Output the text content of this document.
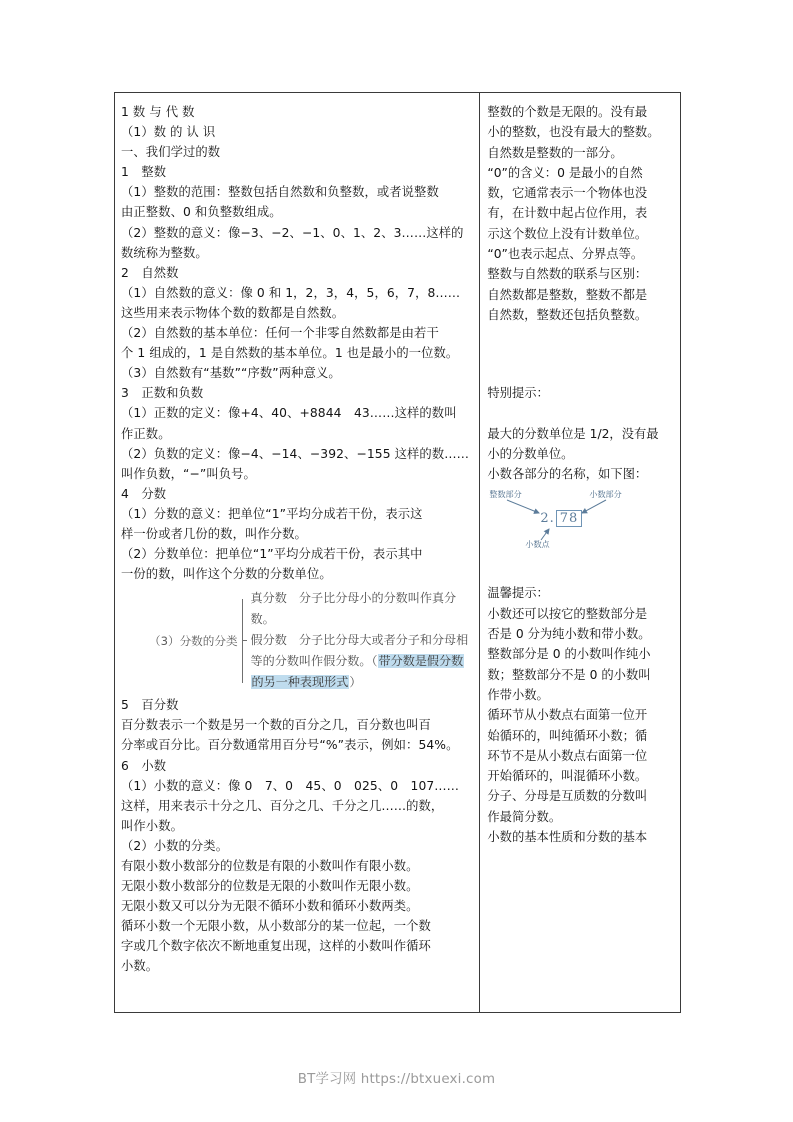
1 数 与 代 数
（1）数 的 认 识
一、我们学过的数
1　整数
（1）整数的范围：整数包括自然数和负整数，或者说整数
由正整数、0 和负整数组成。
（2）整数的意义：像−3、−2、−1、0、1、2、3……这样的
数统称为整数。
2　自然数
（1）自然数的意义：像 0 和 1，2，3，4，5，6，7，8……
这些用来表示物体个数的数都是自然数。
（2）自然数的基本单位：任何一个非零自然数都是由若干
个 1 组成的，1 是自然数的基本单位。1 也是最小的一位数。
（3）自然数有“基数”“序数”两种意义。
3　正数和负数
（1）正数的定义：像+4、40、+8844　43……这样的数叫
作正数。
（2）负数的定义：像−4、−14、−392、−155 这样的数……
叫作负数，“−”叫负号。
4　分数
（1）分数的意义：把单位“1”平均分成若干份，表示这
样一份或者几份的数，叫作分数。
（2）分数单位：把单位“1”平均分成若干份，表示其中
一份的数，叫作这个分数的分数单位。
（3）分数的分类
真分数　分子比分母小的分数叫作真分数。
假分数　分子比分母大或者分子和分母相
等的分数叫作假分数。（带分数是假分数
的另一种表现形式）
5　百分数
百分数表示一个数是另一个数的百分之几，百分数也叫百
分率或百分比。百分数通常用百分号“%”表示，例如：54%。
6　小数
（1）小数的意义：像 0　7、0　45、0　025、0　107……
这样，用来表示十分之几、百分之几、千分之几……的数，
叫作小数。
（2）小数的分类。
有限小数小数部分的位数是有限的小数叫作有限小数。
无限小数小数部分的位数是无限的小数叫作无限小数。
无限小数又可以分为无限不循环小数和循环小数两类。
循环小数一个无限小数，从小数部分的某一位起，一个数
字或几个数字依次不断地重复出现，这样的小数叫作循环
小数。
整数的个数是无限的。没有最
小的整数，也没有最大的整数。
自然数是整数的一部分。
“0”的含义：0 是最小的自然
数，它通常表示一个物体也没
有，在计数中起占位作用，表
示这个数位上没有计数单位。
“0”也表示起点、分界点等。
整数与自然数的联系与区别：
自然数都是整数，整数不都是
自然数，整数还包括负整数。
特别提示：
最大的分数单位是 1/2，没有最
小的分数单位。
小数各部分的名称，如下图：
整数部分	小数部分
小数点
2. 78
温馨提示：
小数还可以按它的整数部分是
否是 0 分为纯小数和带小数。
整数部分是 0 的小数叫作纯小
数；整数部分不是 0 的小数叫
作带小数。
循环节从小数点右面第一位开
始循环的，叫纯循环小数；循
环节不是从小数点右面第一位
开始循环的，叫混循环小数。
分子、分母是互质数的分数叫
作最简分数。
小数的基本性质和分数的基本
BT学习网 https://btxuexi.com
